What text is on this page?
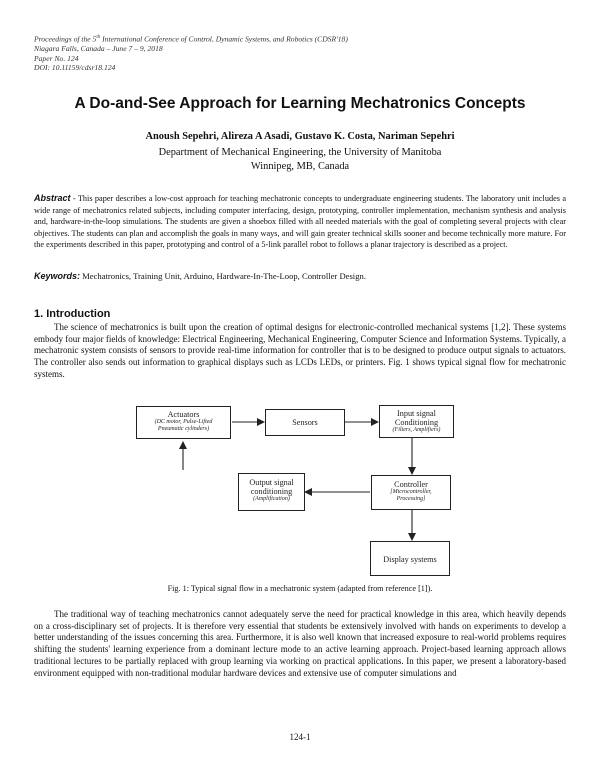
Proceedings of the 5th International Conference of Control, Dynamic Systems, and Robotics (CDSR'18)
Niagara Falls, Canada – June 7 – 9, 2018
Paper No. 124
DOI: 10.11159/cdsr18.124
A Do-and-See Approach for Learning Mechatronics Concepts
Anoush Sepehri, Alireza A Asadi, Gustavo K. Costa, Nariman Sepehri
Department of Mechanical Engineering, the University of Manitoba
Winnipeg, MB, Canada
Abstract - This paper describes a low-cost approach for teaching mechatronic concepts to undergraduate engineering students. The laboratory unit includes a wide range of mechatronics related subjects, including computer interfacing, design, prototyping, controller implementation, mechanism synthesis and analysis and, hardware-in-the-loop simulations. The students are given a shoebox filled with all needed materials with the goal of completing several projects with clear objectives. The students can plan and accomplish the goals in many ways, and will gain greater technical skills sooner and become technically more mature. For the experiments described in this paper, prototyping and control of a 5-link parallel robot to follows a planar trajectory is described as a project.
Keywords: Mechatronics, Training Unit, Arduino, Hardware-In-The-Loop, Controller Design.
1. Introduction
The science of mechatronics is built upon the creation of optimal designs for electronic-controlled mechanical systems [1,2]. These systems embody four major fields of knowledge: Electrical Engineering, Mechanical Engineering, Computer Science and Information Systems. Typically, a mechatronic system consists of sensors to provide real-time information for controller that is to be designed to produce output signals to actuators. The controller also sends out information to graphical displays such as LCDs LEDs, or printers. Fig. 1 shows typical signal flow for mechatronic systems.
Actuators
(DC motor, Pulse-Lifted
Pneumatic cylinders)
Sensors
Input signal
Conditioning
(Filters, Amplifiers)
Output signal
conditioning
(Amplification)
Controller
[Microcontroller,
Processing]
Display systems
Fig. 1: Typical signal flow in a mechatronic system (adapted from reference [1]).
The traditional way of teaching mechatronics cannot adequately serve the need for practical knowledge in this area, which heavily depends on a cross-disciplinary set of projects. It is therefore very essential that students be extensively involved with hands on experiments to develop a better understanding of the issues concerning this area. Furthermore, it is also well known that increased exposure to real-world problems requires shifting the students' learning experience from a dominant lecture mode to an active learning approach. Project-based learning approach allows traditional lectures to be partially replaced with group learning via working on practical applications. In this paper, we present a laboratory-based environment equipped with non-traditional modular hardware devices and extensive use of computer simulations and
124-1
